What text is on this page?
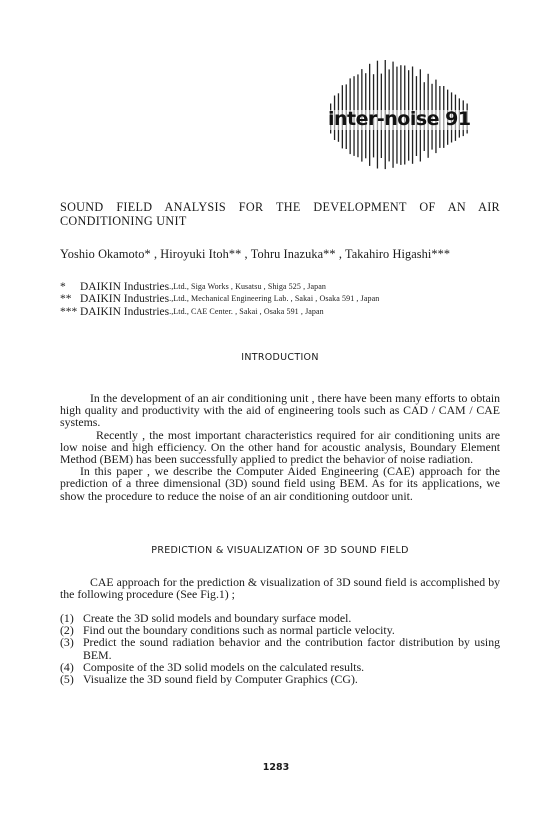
inter-noise 91
SOUND FIELD ANALYSIS FOR THE DEVELOPMENT OF AN AIR CONDITIONING UNIT
Yoshio Okamoto* , Hiroyuki Itoh** , Tohru Inazuka** , Takahiro Higashi***
*	DAIKIN Industries .,Ltd., Siga Works , Kusatsu , Shiga 525 , Japan
** DAIKIN Industries .,Ltd., Mechanical Engineering Lab. , Sakai , Osaka 591 , Japan
*** DAIKIN Industries .,Ltd., CAE Center. , Sakai , Osaka 591 , Japan
INTRODUCTION

In the development of an air conditioning unit , there have been many efforts to obtain high quality and productivity with the aid of engineering tools such as CAD / CAM / CAE systems.

Recently , the most important characteristics required for air conditioning units are low noise and high efficiency. On the other hand for acoustic analysis, Boundary Element Method (BEM) has been successfully applied to predict the behavior of noise radiation.

In this paper , we describe the Computer Aided Engineering (CAE) approach for the prediction of a three dimensional (3D) sound field using BEM. As for its applications, we show the procedure to reduce the noise of an air conditioning outdoor unit.

PREDICTION & VISUALIZATION OF 3D SOUND FIELD

CAE approach for the prediction & visualization of 3D sound field is accomplished by the following procedure (See Fig.1) ;

(1) Create the 3D solid models and boundary surface model.
(2) Find out the boundary conditions such as normal particle velocity.
(3) Predict the sound radiation behavior and the contribution factor distribution by using BEM.
(4) Composite of the 3D solid models on the calculated results.
(5) Visualize the 3D sound field by Computer Graphics (CG).
1283
